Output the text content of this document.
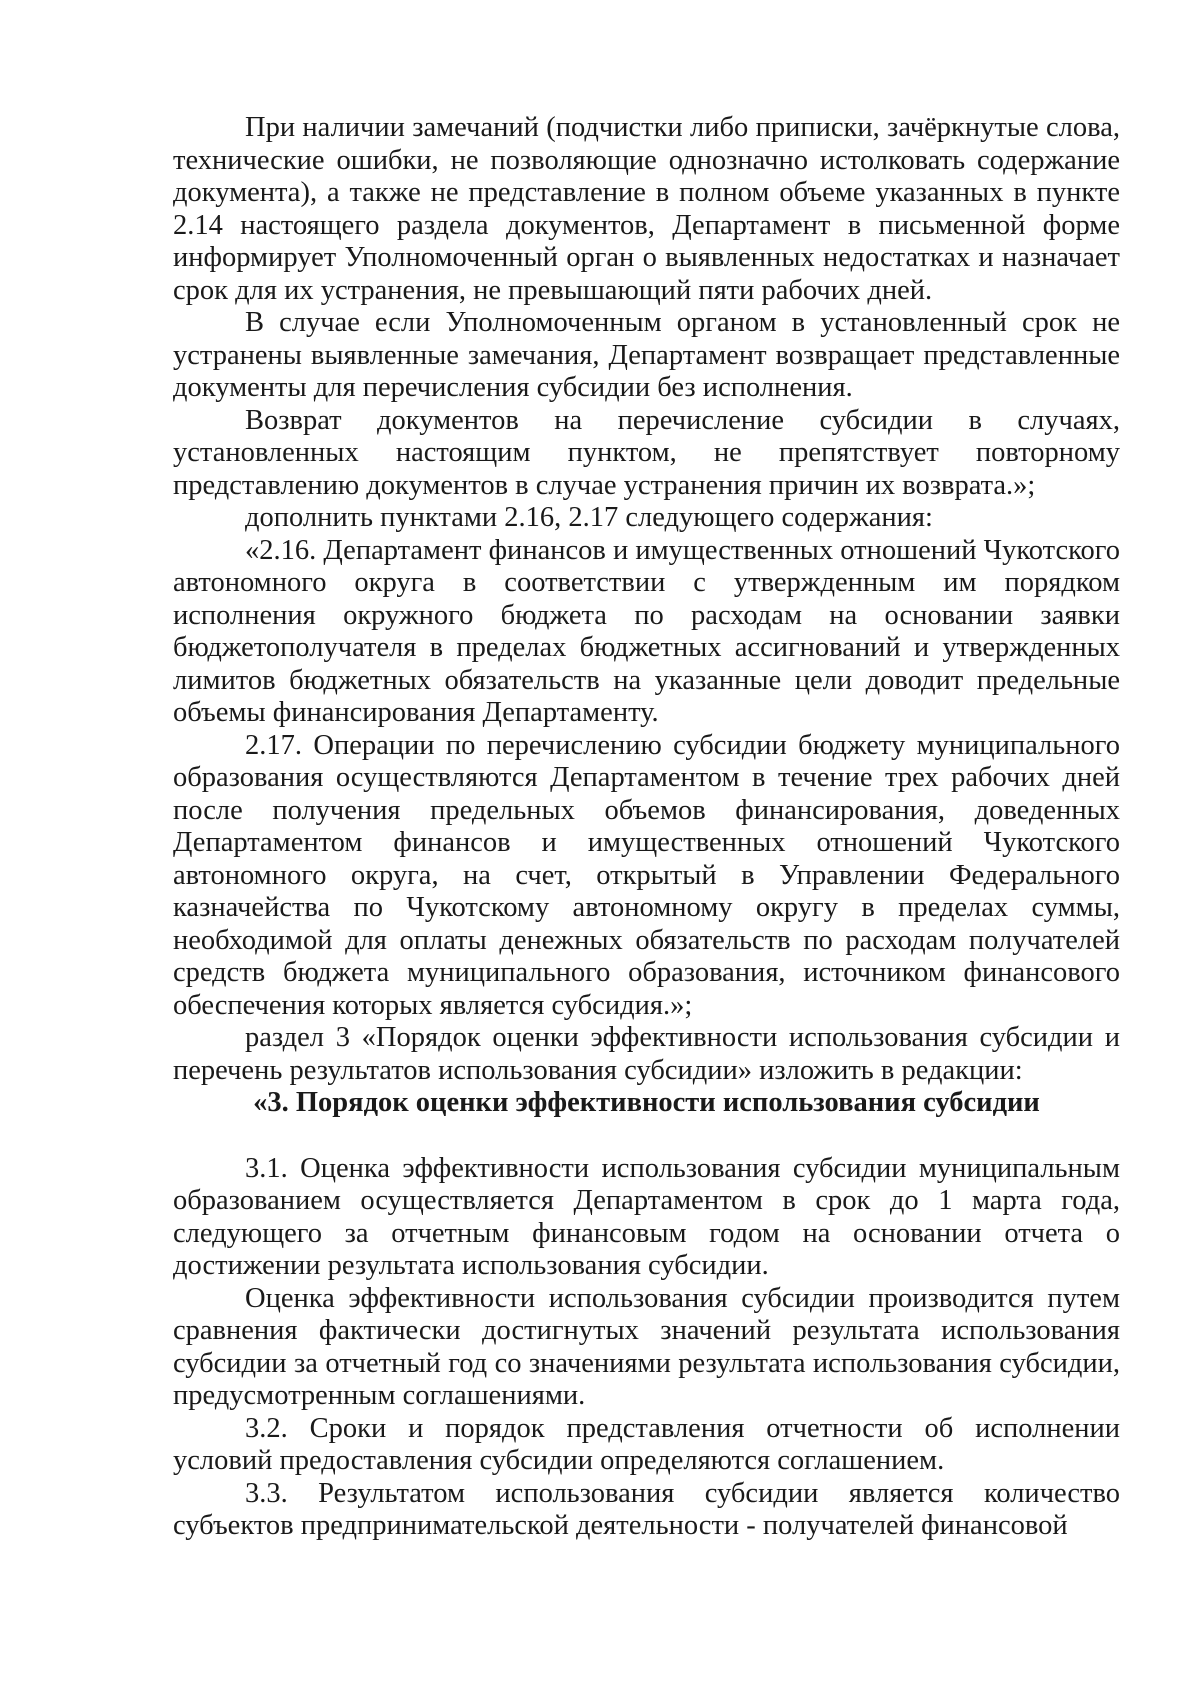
При наличии замечаний (подчистки либо приписки, зачёркнутые слова, технические ошибки, не позволяющие однозначно истолковать содержание документа), а также не представление в полном объеме указанных в пункте 2.14 настоящего раздела документов, Департамент в письменной форме информирует Уполномоченный орган о выявленных недостатках и назначает срок для их устранения, не превышающий пяти рабочих дней.

В случае если Уполномоченным органом в установленный срок не устранены выявленные замечания, Департамент возвращает представленные документы для перечисления субсидии без исполнения.

Возврат документов на перечисление субсидии в случаях, установленных настоящим пунктом, не препятствует повторному представлению документов в случае устранения причин их возврата.»;

дополнить пунктами 2.16, 2.17 следующего содержания:

«2.16. Департамент финансов и имущественных отношений Чукотского автономного округа в соответствии с утвержденным им порядком исполнения окружного бюджета по расходам на основании заявки бюджетополучателя в пределах бюджетных ассигнований и утвержденных лимитов бюджетных обязательств на указанные цели доводит предельные объемы финансирования Департаменту.

2.17. Операции по перечислению субсидии бюджету муниципального образования осуществляются Департаментом в течение трех рабочих дней после получения предельных объемов финансирования, доведенных Департаментом финансов и имущественных отношений Чукотского автономного округа, на счет, открытый в Управлении Федерального казначейства по Чукотскому автономному округу в пределах суммы, необходимой для оплаты денежных обязательств по расходам получателей средств бюджета муниципального образования, источником финансового обеспечения которых является субсидия.»;

раздел 3 «Порядок оценки эффективности использования субсидии и перечень результатов использования субсидии» изложить в редакции:

«3. Порядок оценки эффективности использования субсидии

3.1. Оценка эффективности использования субсидии муниципальным образованием осуществляется Департаментом в срок до 1 марта года, следующего за отчетным финансовым годом на основании отчета о достижении результата использования субсидии.

Оценка эффективности использования субсидии производится путем сравнения фактически достигнутых значений результата использования субсидии за отчетный год со значениями результата использования субсидии, предусмотренным соглашениями.

3.2. Сроки и порядок представления отчетности об исполнении условий предоставления субсидии определяются соглашением.

3.3. Результатом использования субсидии является количество субъектов предпринимательской деятельности - получателей финансовой
